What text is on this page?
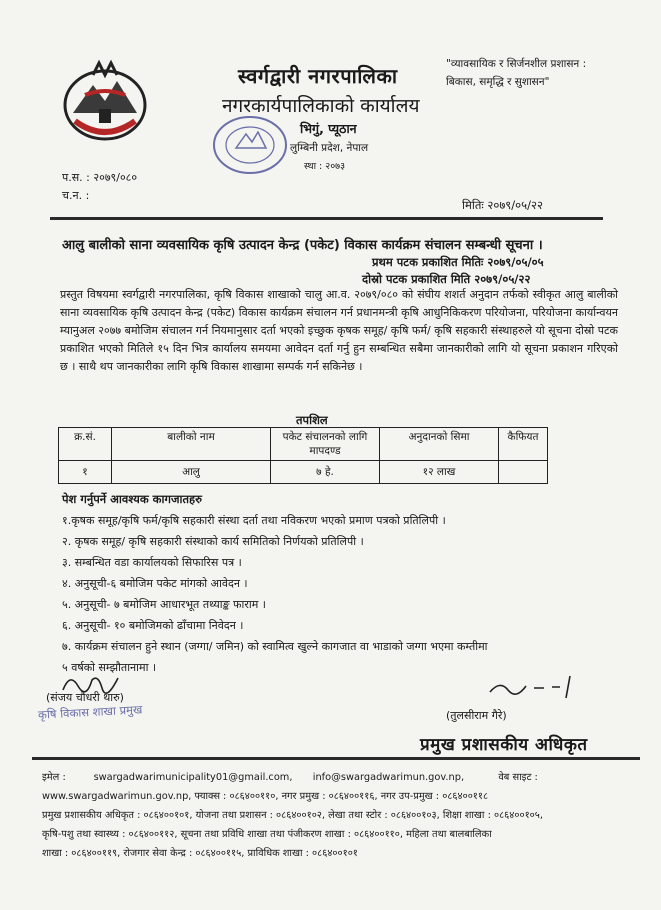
"व्यावसायिक र सिर्जनशील प्रशासन :
बिकास, समृद्धि र सुशासन"
स्वर्गद्वारी नगरपालिका
नगरकार्यपालिकाको कार्यालय
भिगुं, प्यूठान
लुम्बिनी प्रदेश, नेपाल
स्था : २०७३
प.स. : २०७९/०८०
च.न. :
मितिः २०७९/०५/२२
आलु बालीको साना व्यवसायिक कृषि उत्पादन केन्द्र (पकेट) विकास कार्यक्रम संचालन सम्बन्धी सूचना ।
प्रथम पटक प्रकाशित मितिः २०७९/०५/०५
दोस्रो पटक प्रकाशित मिति २०७९/०५/२२
प्रस्तुत विषयमा स्वर्गद्वारी नगरपालिका, कृषि विकास शाखाको चालु आ.व. २०७९/०८० को संघीय शशर्त अनुदान तर्फको स्वीकृत आलु बालीको साना व्यवसायिक कृषि उत्पादन केन्द्र (पकेट) विकास कार्यक्रम संचालन गर्न प्रधानमन्त्री कृषि आधुनिकिकरण परियोजना, परियोजना कार्यान्वयन म्यानुअल २०७७ बमोजिम संचालन गर्न नियमानुसार दर्ता भएको इच्छुक कृषक समूह/ कृषि फर्म/ कृषि सहकारी संस्थाहरुले यो सूचना दोस्रो पटक प्रकाशित भएको मितिले १५ दिन भित्र कार्यालय समयमा आवेदन दर्ता गर्नु हुन सम्बन्धित सबैमा जानकारीको लागि यो सूचना प्रकाशन गरिएको छ । साथै थप जानकारीका लागि कृषि विकास शाखामा सम्पर्क गर्न सकिनेछ ।
तपशिल
क्र.सं.	बालीको नाम	पकेट संचालनको लागि मापदण्ड	अनुदानको सिमा	कैफियत
१	आलु	७ हे.	१२ लाख	
पेश गर्नुपर्ने आवश्यक कागजातहरु
१.कृषक समूह/कृषि फर्म/कृषि सहकारी संस्था दर्ता तथा नविकरण भएको प्रमाण पत्रको प्रतिलिपी ।
२. कृषक समूह/ कृषि सहकारी संस्थाको कार्य समितिको निर्णयको प्रतिलिपी ।
३. सम्बन्धित वडा कार्यालयको सिफारिस पत्र ।
४. अनुसूची-६ बमोजिम पकेट मांगको आवेदन ।
५. अनुसूची- ७ बमोजिम आधारभूत तथ्याङ्क फाराम ।
६. अनुसूची- १० बमोजिमको ढाँचामा निवेदन ।
७. कार्यक्रम संचालन हुने स्थान (जग्गा/ जमिन) को स्वामित्व खुल्ने कागजात वा भाडाको जग्गा भएमा कम्तीमा
५ वर्षको सम्झौतानामा ।
(संजय चौधरी थारु)
कृषि विकास शाखा प्रमुख	(तुलसीराम गैरे)
प्रमुख प्रशासकीय अधिकृत
इमेल :	swargadwarimunicipality01@gmail.com, info@swargadwarimun.gov.np,	वेब साइट :
www.swargadwarimun.gov.np, फ्याक्स : ०८६४००११०, नगर प्रमुख : ०८६४००११६, नगर उप-प्रमुख : ०८६४००११८
प्रमुख प्रशासकीय अधिकृत : ०८६४००१०१, योजना तथा प्रशासन : ०८६४००१०२, लेखा तथा स्टोर : ०८६४००१०३, शिक्षा शाखा : ०८६४००१०५,
कृषि-पशु तथा स्वास्थ्य : ०८६४००११२, सूचना तथा प्रविधि शाखा तथा पंजीकरण शाखा : ०८६४००११०, महिला तथा बालबालिका
शाखा : ०८६४००११९, रोजगार सेवा केन्द्र : ०८६४००११५, प्राविधिक शाखा : ०८६४००१०१
